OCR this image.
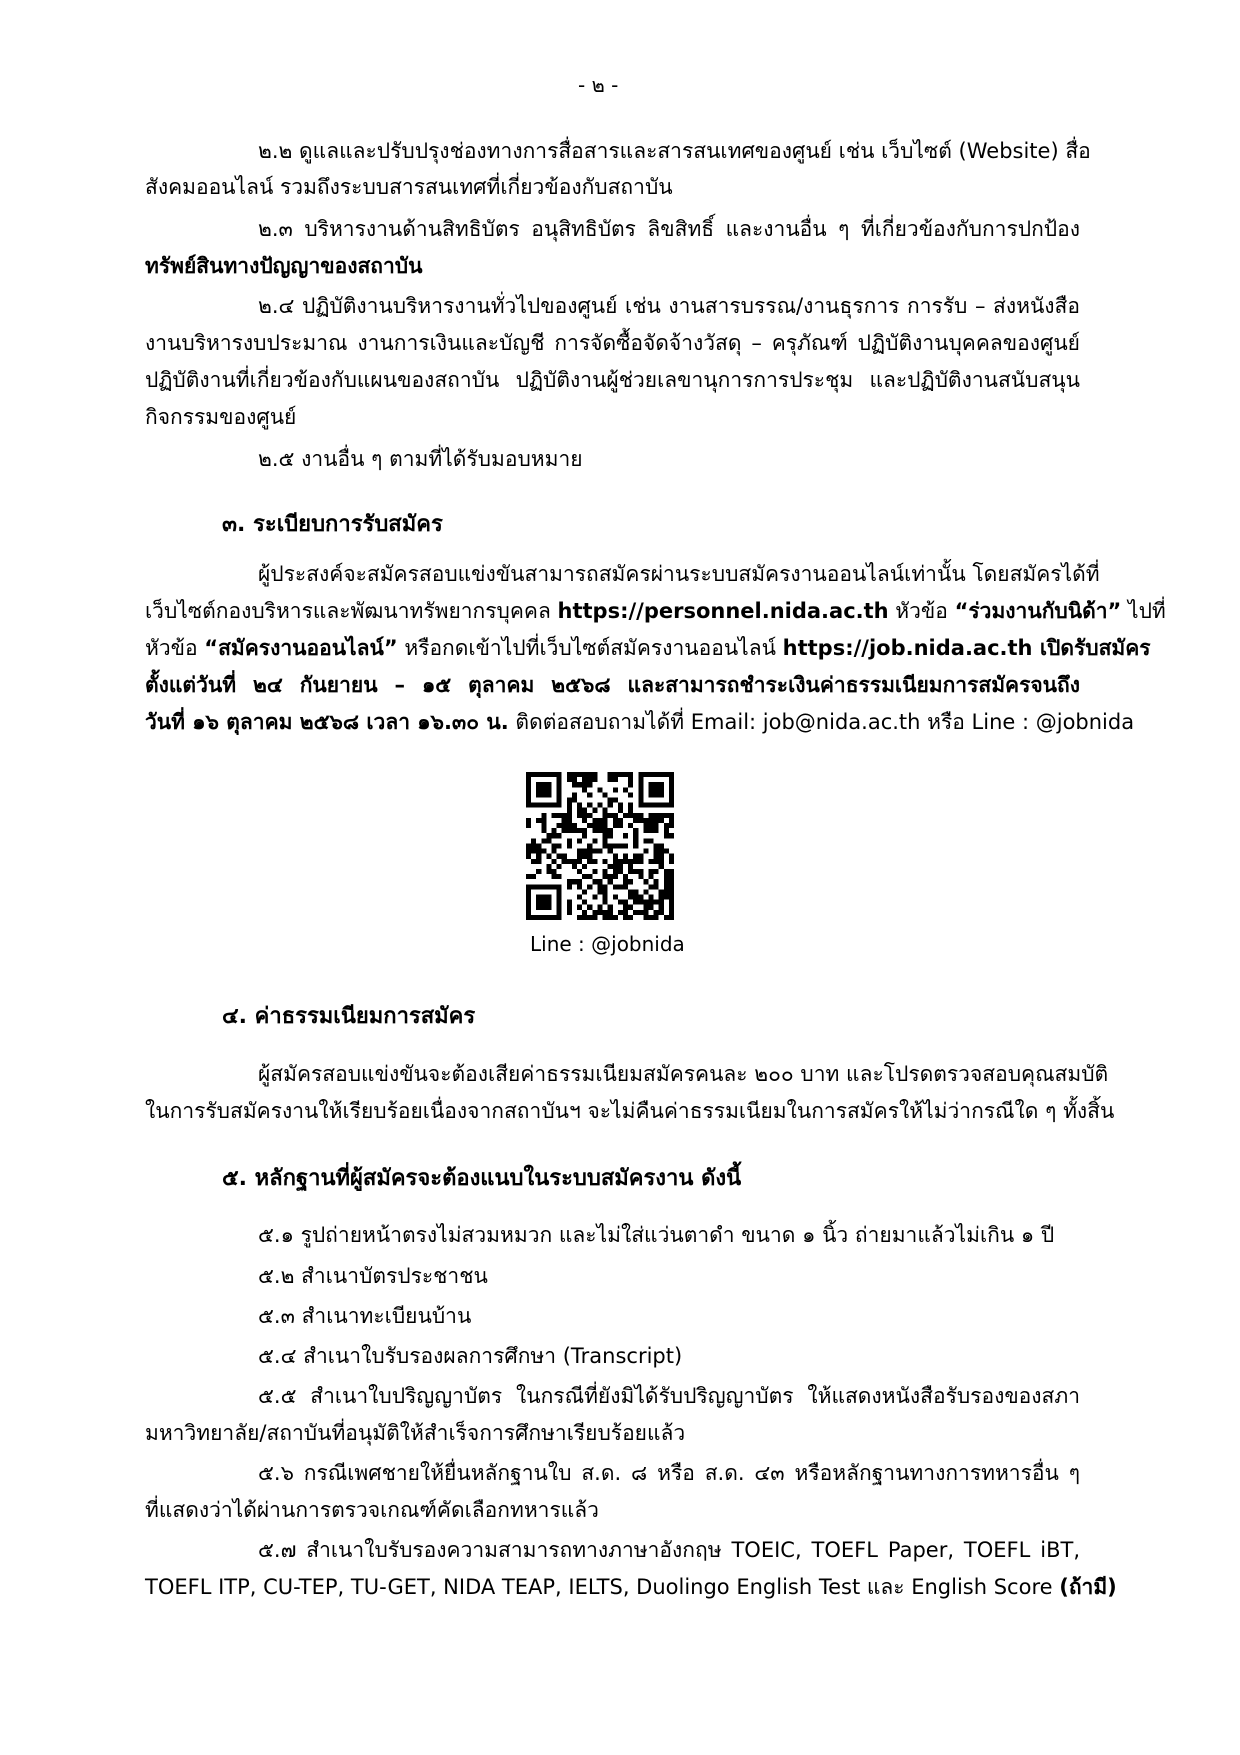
- ๒ -
๒.๒ ดูแลและปรับปรุงช่องทางการสื่อสารและสารสนเทศของศูนย์ เช่น เว็บไซต์ (Website) สื่อ
สังคมออนไลน์ รวมถึงระบบสารสนเทศที่เกี่ยวข้องกับสถาบัน
๒.๓ บริหารงานด้านสิทธิบัตร อนุสิทธิบัตร ลิขสิทธิ์ และงานอื่น ๆ ที่เกี่ยวข้องกับการปกป้อง
ทรัพย์สินทางปัญญาของสถาบัน
๒.๔ ปฏิบัติงานบริหารงานทั่วไปของศูนย์ เช่น งานสารบรรณ/งานธุรการ การรับ – ส่งหนังสือ
งานบริหารงบประมาณ งานการเงินและบัญชี การจัดซื้อจัดจ้างวัสดุ – ครุภัณฑ์ ปฏิบัติงานบุคคลของศูนย์
ปฏิบัติงานที่เกี่ยวข้องกับแผนของสถาบัน ปฏิบัติงานผู้ช่วยเลขานุการการประชุม และปฏิบัติงานสนับสนุน
กิจกรรมของศูนย์
๒.๕ งานอื่น ๆ ตามที่ได้รับมอบหมาย
๓. ระเบียบการรับสมัคร
ผู้ประสงค์จะสมัครสอบแข่งขันสามารถสมัครผ่านระบบสมัครงานออนไลน์เท่านั้น โดยสมัครได้ที่
เว็บไซต์กองบริหารและพัฒนาทรัพยากรบุคคล https://personnel.nida.ac.th หัวข้อ “ร่วมงานกับนิด้า” ไปที่
หัวข้อ “สมัครงานออนไลน์” หรือกดเข้าไปที่เว็บไซต์สมัครงานออนไลน์ https://job.nida.ac.th เปิดรับสมัคร
ตั้งแต่วันที่ ๒๔ กันยายน – ๑๕ ตุลาคม ๒๕๖๘ และสามารถชำระเงินค่าธรรมเนียมการสมัครจนถึง
วันที่ ๑๖ ตุลาคม ๒๕๖๘ เวลา ๑๖.๓๐ น. ติดต่อสอบถามได้ที่ Email: job@nida.ac.th หรือ Line : @jobnida
Line : @jobnida
๔. ค่าธรรมเนียมการสมัคร
ผู้สมัครสอบแข่งขันจะต้องเสียค่าธรรมเนียมสมัครคนละ ๒๐๐ บาท และโปรดตรวจสอบคุณสมบัติ
ในการรับสมัครงานให้เรียบร้อยเนื่องจากสถาบันฯ จะไม่คืนค่าธรรมเนียมในการสมัครให้ไม่ว่ากรณีใด ๆ ทั้งสิ้น
๕. หลักฐานที่ผู้สมัครจะต้องแนบในระบบสมัครงาน ดังนี้
๕.๑ รูปถ่ายหน้าตรงไม่สวมหมวก และไม่ใส่แว่นตาดำ ขนาด ๑ นิ้ว ถ่ายมาแล้วไม่เกิน ๑ ปี
๕.๒ สำเนาบัตรประชาชน
๕.๓ สำเนาทะเบียนบ้าน
๕.๔ สำเนาใบรับรองผลการศึกษา (Transcript)
๕.๕ สำเนาใบปริญญาบัตร ในกรณีที่ยังมิได้รับปริญญาบัตร ให้แสดงหนังสือรับรองของสภา
มหาวิทยาลัย/สถาบันที่อนุมัติให้สำเร็จการศึกษาเรียบร้อยแล้ว
๕.๖ กรณีเพศชายให้ยื่นหลักฐานใบ ส.ด. ๘ หรือ ส.ด. ๔๓ หรือหลักฐานทางการทหารอื่น ๆ
ที่แสดงว่าได้ผ่านการตรวจเกณฑ์คัดเลือกทหารแล้ว
๕.๗ สำเนาใบรับรองความสามารถทางภาษาอังกฤษ TOEIC, TOEFL Paper, TOEFL iBT,
TOEFL ITP, CU-TEP, TU-GET, NIDA TEAP, IELTS, Duolingo English Test และ English Score (ถ้ามี)
